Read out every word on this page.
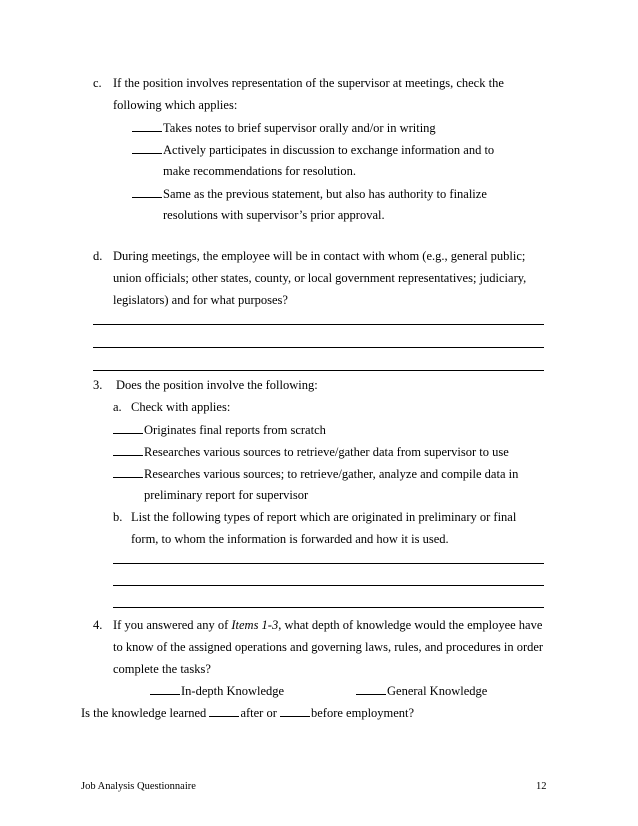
c. If the position involves representation of the supervisor at meetings, check the
following which applies:
Takes notes to brief supervisor orally and/or in writing
Actively participates in discussion to exchange information and to
make recommendations for resolution.
Same as the previous statement, but also has authority to finalize
resolutions with supervisor’s prior approval.
d. During meetings, the employee will be in contact with whom (e.g., general public;
union officials; other states, county, or local government representatives; judiciary,
legislators) and for what purposes?
3. Does the position involve the following:
a. Check with applies:
Originates final reports from scratch
Researches various sources to retrieve/gather data from supervisor to use
Researches various sources; to retrieve/gather, analyze and compile data in
preliminary report for supervisor
b. List the following types of report which are originated in preliminary or final
form, to whom the information is forwarded and how it is used.
4. If you answered any of Items 1-3, what depth of knowledge would the employee have
to know of the assigned operations and governing laws, rules, and procedures in order
complete the tasks?
In-depth Knowledge	General Knowledge
Is the knowledge learned after or before employment?
Job Analysis Questionnaire	12
